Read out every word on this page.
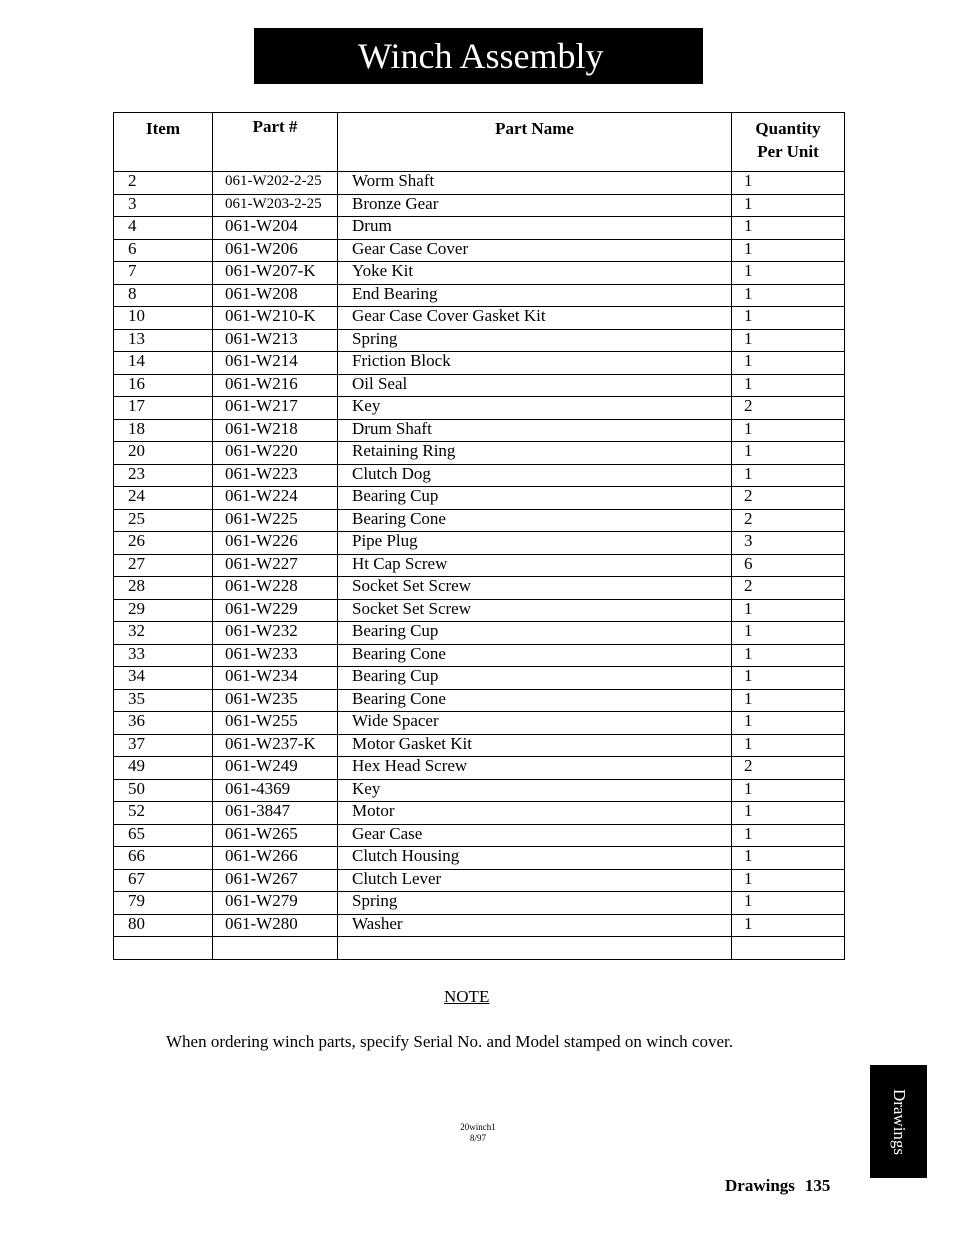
Winch Assembly
Item	Part #	Part Name	Quantity
Per Unit
2	061-W202-2-25	Worm Shaft	1
3	061-W203-2-25	Bronze Gear	1
4	061-W204	Drum	1
6	061-W206	Gear Case Cover	1
7	061-W207-K	Yoke Kit	1
8	061-W208	End Bearing	1
10	061-W210-K	Gear Case Cover Gasket Kit	1
13	061-W213	Spring	1
14	061-W214	Friction Block	1
16	061-W216	Oil Seal	1
17	061-W217	Key	2
18	061-W218	Drum Shaft	1
20	061-W220	Retaining Ring	1
23	061-W223	Clutch Dog	1
24	061-W224	Bearing Cup	2
25	061-W225	Bearing Cone	2
26	061-W226	Pipe Plug	3
27	061-W227	Ht Cap Screw	6
28	061-W228	Socket Set Screw	2
29	061-W229	Socket Set Screw	1
32	061-W232	Bearing Cup	1
33	061-W233	Bearing Cone	1
34	061-W234	Bearing Cup	1
35	061-W235	Bearing Cone	1
36	061-W255	Wide Spacer	1
37	061-W237-K	Motor Gasket Kit	1
49	061-W249	Hex Head Screw	2
50	061-4369	Key	1
52	061-3847	Motor	1
65	061-W265	Gear Case	1
66	061-W266	Clutch Housing	1
67	061-W267	Clutch Lever	1
79	061-W279	Spring	1
80	061-W280	Washer	1

NOTE
When ordering winch parts, specify Serial No. and Model stamped on winch cover.
20winch1
8/97	Drawings
Drawings 135
